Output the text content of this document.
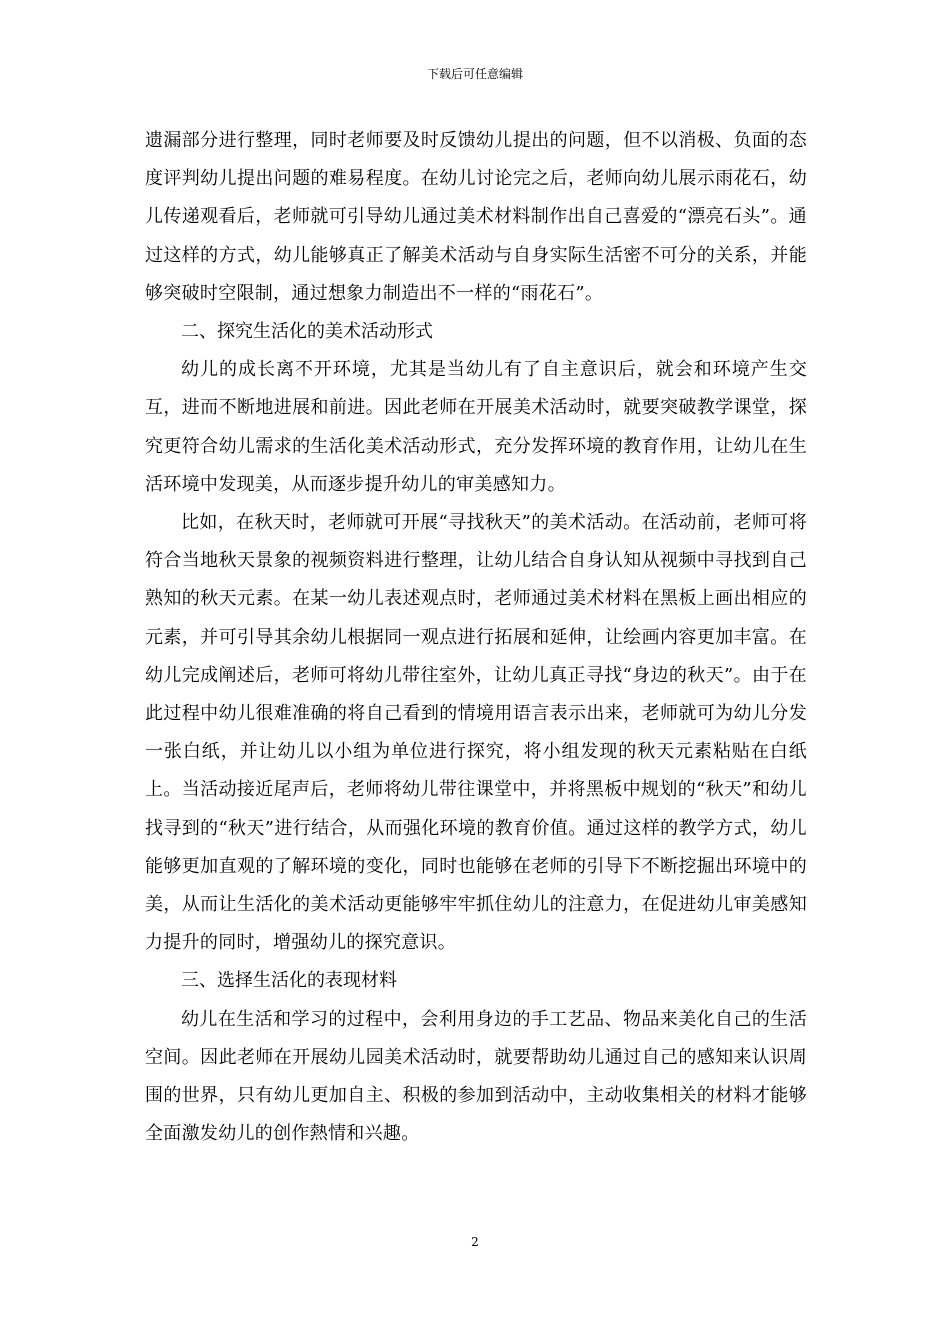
下载后可任意编辑

遗漏部分进行整理，同时老师要及时反馈幼儿提出的问题，但不以消极、负面的态度评判幼儿提出问题的难易程度。在幼儿讨论完之后，老师向幼儿展示雨花石，幼儿传递观看后，老师就可引导幼儿通过美术材料制作出自己喜爱的“漂亮石头”。通过这样的方式，幼儿能够真正了解美术活动与自身实际生活密不可分的关系，并能够突破时空限制，通过想象力制造出不一样的“雨花石”。

二、探究生活化的美术活动形式

幼儿的成长离不开环境，尤其是当幼儿有了自主意识后，就会和环境产生交互，进而不断地进展和前进。因此老师在开展美术活动时，就要突破教学课堂，探究更符合幼儿需求的生活化美术活动形式，充分发挥环境的教育作用，让幼儿在生活环境中发现美，从而逐步提升幼儿的审美感知力。

比如，在秋天时，老师就可开展“寻找秋天”的美术活动。在活动前，老师可将符合当地秋天景象的视频资料进行整理，让幼儿结合自身认知从视频中寻找到自己熟知的秋天元素。在某一幼儿表述观点时，老师通过美术材料在黑板上画出相应的元素，并可引导其余幼儿根据同一观点进行拓展和延伸，让绘画内容更加丰富。在幼儿完成阐述后，老师可将幼儿带往室外，让幼儿真正寻找“身边的秋天”。由于在此过程中幼儿很难准确的将自己看到的情境用语言表示出来，老师就可为幼儿分发一张白纸，并让幼儿以小组为单位进行探究，将小组发现的秋天元素粘贴在白纸上。当活动接近尾声后，老师将幼儿带往课堂中，并将黑板中规划的“秋天”和幼儿找寻到的“秋天”进行结合，从而强化环境的教育价值。通过这样的教学方式，幼儿能够更加直观的了解环境的变化，同时也能够在老师的引导下不断挖掘出环境中的美，从而让生活化的美术活动更能够牢牢抓住幼儿的注意力，在促进幼儿审美感知力提升的同时，增强幼儿的探究意识。

三、选择生活化的表现材料

幼儿在生活和学习的过程中，会利用身边的手工艺品、物品来美化自己的生活空间。因此老师在开展幼儿园美术活动时，就要帮助幼儿通过自己的感知来认识周围的世界，只有幼儿更加自主、积极的参加到活动中，主动收集相关的材料才能够全面激发幼儿的创作熱情和兴趣。

2
